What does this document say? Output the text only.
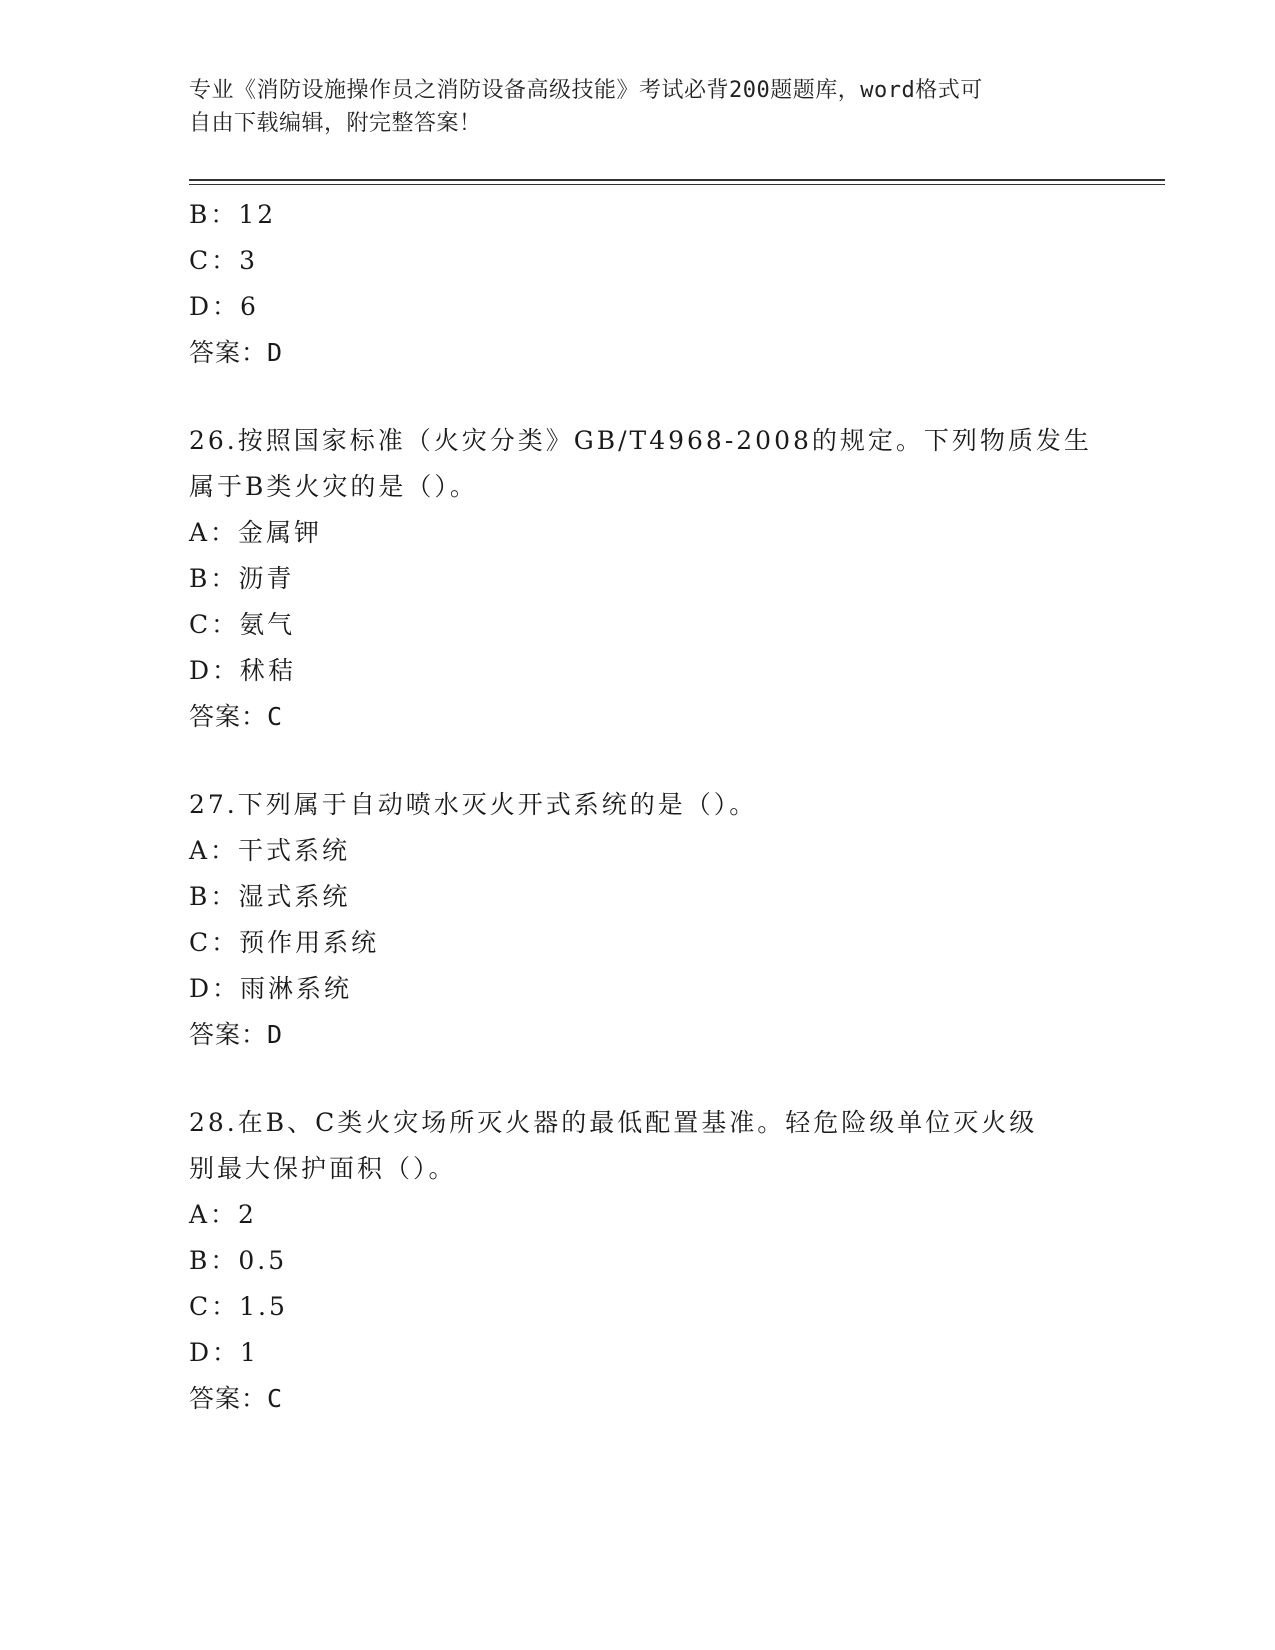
专业《消防设施操作员之消防设备高级技能》考试必背200题题库，word格式可
自由下载编辑，附完整答案！
B：12
C：3
D：6
答案：D
26.按照国家标准（火灾分类》GB/T4968-2008的规定。下列物质发生
属于B类火灾的是（）。
A：金属钾
B：沥青
C：氨气
D：秫秸
答案：C
27.下列属于自动喷水灭火开式系统的是（）。
A：干式系统
B：湿式系统
C：预作用系统
D：雨淋系统
答案：D
28.在B、C类火灾场所灭火器的最低配置基准。轻危险级单位灭火级
别最大保护面积（）。
A：2
B：0.5
C：1.5
D：1
答案：C
